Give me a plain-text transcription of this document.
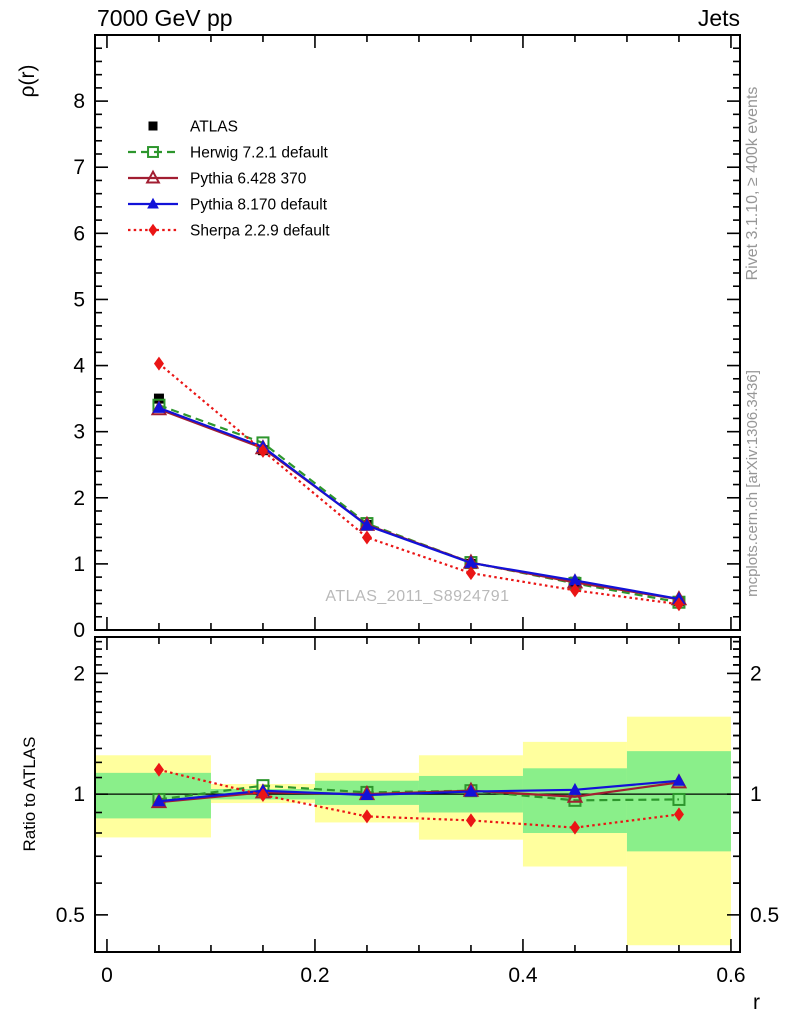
0
1
2
3
4
5
6
7
8
0.5	0.5
1	1
2	2
0	0.2	0.4	0.6
ATLAS
Herwig 7.2.1 default
Pythia 6.428 370
Pythia 8.170 default
Sherpa 2.2.9 default
7000 GeV pp	Jets
ρ(r)
Ratio to ATLAS
Rivet 3.1.10, ≥ 400k events
mcplots.cern.ch [arXiv:1306.3436]
ATLAS_2011_S8924791
r
